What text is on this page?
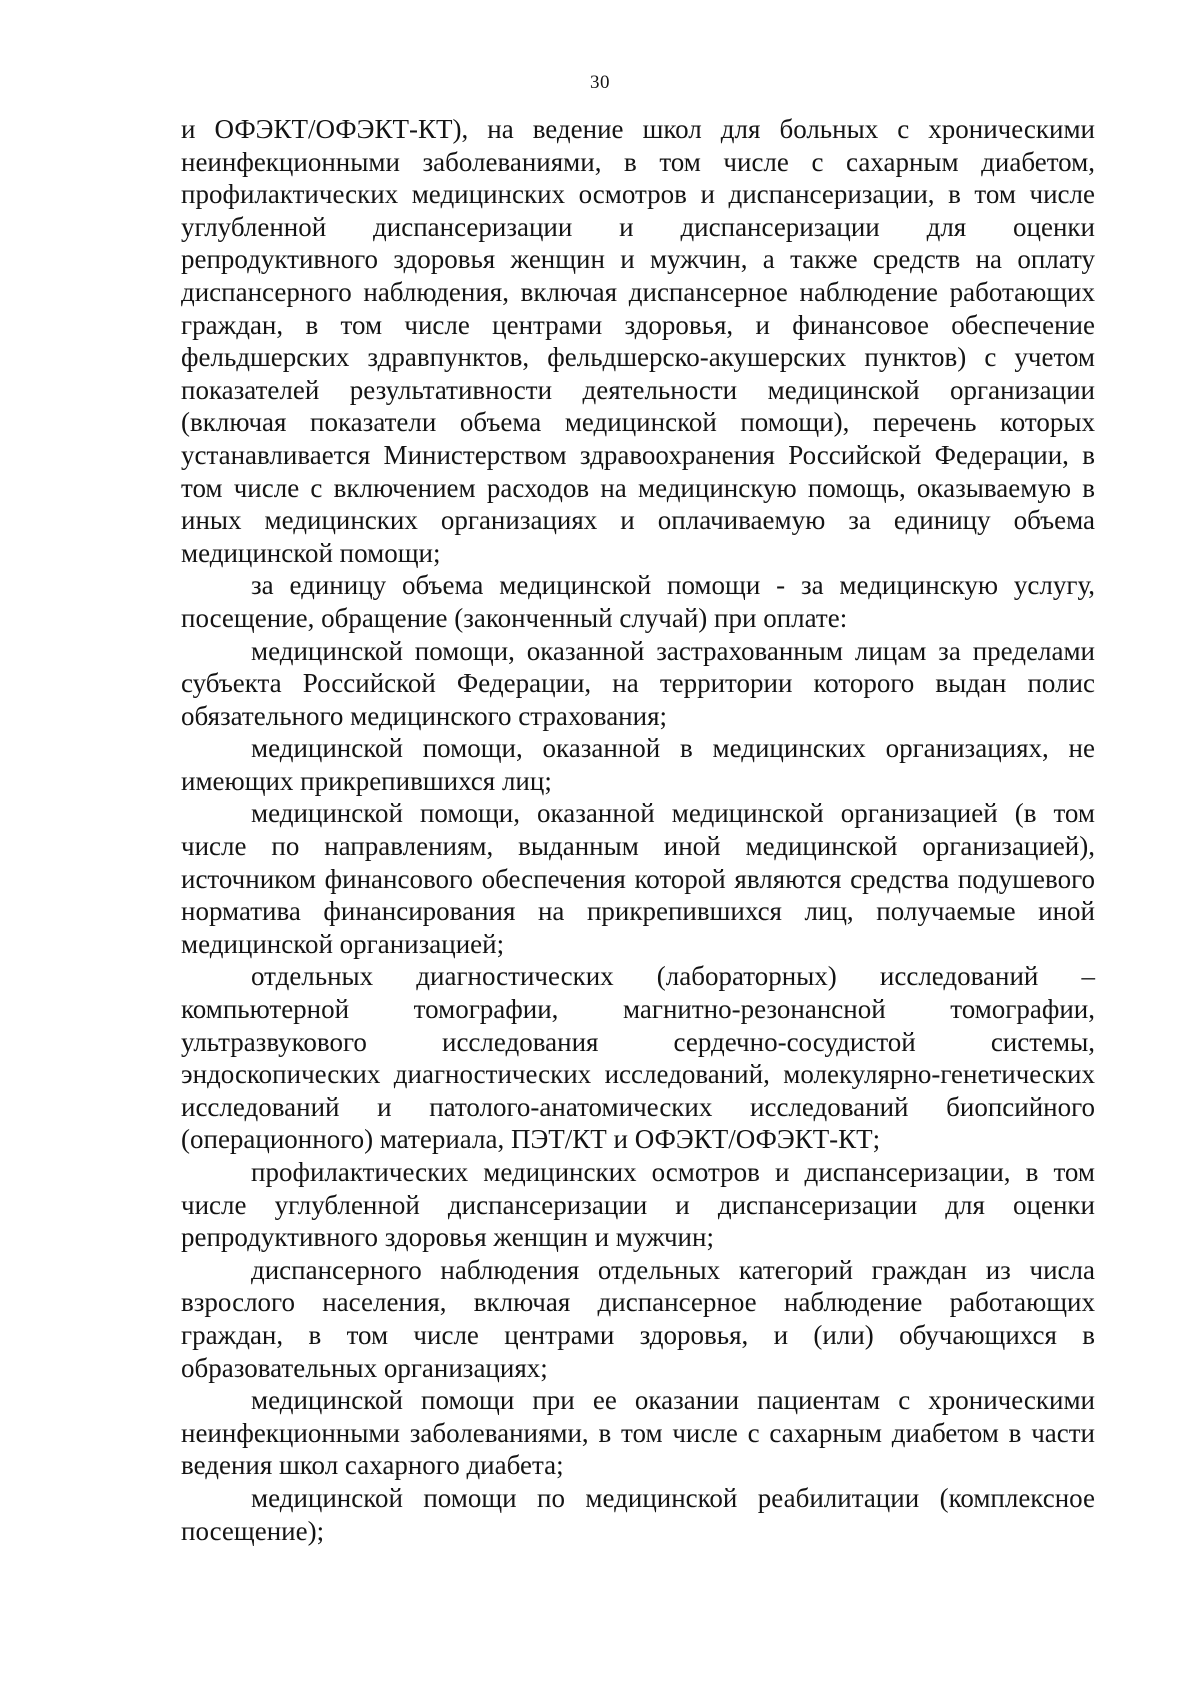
30

и ОФЭКТ/ОФЭКТ-КТ), на ведение школ для больных с хроническими неинфекционными заболеваниями, в том числе с сахарным диабетом, профилактических медицинских осмотров и диспансеризации, в том числе углубленной диспансеризации и диспансеризации для оценки репродуктивного здоровья женщин и мужчин, а также средств на оплату диспансерного наблюдения, включая диспансерное наблюдение работающих граждан, в том числе центрами здоровья, и финансовое обеспечение фельдшерских здравпунктов, фельдшерско-акушерских пунктов) с учетом показателей результативности деятельности медицинской организации (включая показатели объема медицинской помощи), перечень которых устанавливается Министерством здравоохранения Российской Федерации, в том числе с включением расходов на медицинскую помощь, оказываемую в иных медицинских организациях и оплачиваемую за единицу объема медицинской помощи;

за единицу объема медицинской помощи - за медицинскую услугу, посещение, обращение (законченный случай) при оплате:

медицинской помощи, оказанной застрахованным лицам за пределами субъекта Российской Федерации, на территории которого выдан полис обязательного медицинского страхования;

медицинской помощи, оказанной в медицинских организациях, не имеющих прикрепившихся лиц;

медицинской помощи, оказанной медицинской организацией (в том числе по направлениям, выданным иной медицинской организацией), источником финансового обеспечения которой являются средства подушевого норматива финансирования на прикрепившихся лиц, получаемые иной медицинской организацией;

отдельных диагностических (лабораторных) исследований – компьютерной томографии, магнитно-резонансной томографии, ультразвукового исследования сердечно-сосудистой системы, эндоскопических диагностических исследований, молекулярно-генетических исследований и патолого-анатомических исследований биопсийного (операционного) материала, ПЭТ/КТ и ОФЭКТ/ОФЭКТ-КТ;

профилактических медицинских осмотров и диспансеризации, в том числе углубленной диспансеризации и диспансеризации для оценки репродуктивного здоровья женщин и мужчин;

диспансерного наблюдения отдельных категорий граждан из числа взрослого населения, включая диспансерное наблюдение работающих граждан, в том числе центрами здоровья, и (или) обучающихся в образовательных организациях;

медицинской помощи при ее оказании пациентам с хроническими неинфекционными заболеваниями, в том числе с сахарным диабетом в части ведения школ сахарного диабета;

медицинской помощи по медицинской реабилитации (комплексное посещение);
